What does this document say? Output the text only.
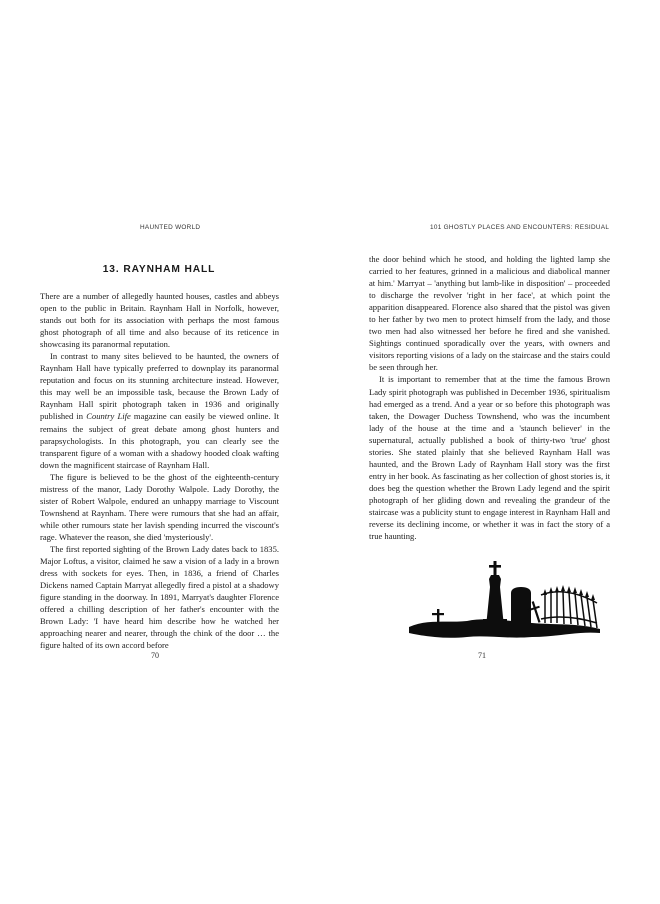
HAUNTED WORLD
13. RAYNHAM HALL

There are a number of allegedly haunted houses, castles and abbeys open to the public in Britain. Raynham Hall in Norfolk, however, stands out both for its association with perhaps the most famous ghost photograph of all time and also because of its reticence in showcasing its paranormal reputation.

In contrast to many sites believed to be haunted, the owners of Raynham Hall have typically preferred to downplay its paranormal reputation and focus on its stunning architecture instead. However, this may well be an impossible task, because the Brown Lady of Raynham Hall spirit photograph taken in 1936 and originally published in Country Life magazine can easily be viewed online. It remains the subject of great debate among ghost hunters and parapsychologists. In this photograph, you can clearly see the transparent figure of a woman with a shadowy hooded cloak wafting down the magnificent staircase of Raynham Hall.

The figure is believed to be the ghost of the eighteenth-century mistress of the manor, Lady Dorothy Walpole. Lady Dorothy, the sister of Robert Walpole, endured an unhappy marriage to Viscount Townshend at Raynham. There were rumours that she had an affair, while other rumours state her lavish spending incurred the viscount's rage. Whatever the reason, she died 'mysteriously'.

The first reported sighting of the Brown Lady dates back to 1835. Major Loftus, a visitor, claimed he saw a vision of a lady in a brown dress with sockets for eyes. Then, in 1836, a friend of Charles Dickens named Captain Marryat allegedly fired a pistol at a shadowy figure standing in the doorway. In 1891, Marryat's daughter Florence offered a chilling description of her father's encounter with the Brown Lady: 'I have heard him describe how he watched her approaching nearer and nearer, through the chink of the door … the figure halted of its own accord before

70
101 GHOSTLY PLACES AND ENCOUNTERS: RESIDUAL

the door behind which he stood, and holding the lighted lamp she carried to her features, grinned in a malicious and diabolical manner at him.' Marryat – 'anything but lamb-like in disposition' – proceeded to discharge the revolver 'right in her face', at which point the apparition disappeared. Florence also shared that the pistol was given to her father by two men to protect himself from the lady, and those two men had also witnessed her before he fired and she vanished. Sightings continued sporadically over the years, with owners and visitors reporting visions of a lady on the staircase and the stairs could be seen through her.

It is important to remember that at the time the famous Brown Lady spirit photograph was published in December 1936, spiritualism had emerged as a trend. And a year or so before this photograph was taken, the Dowager Duchess Townshend, who was the incumbent lady of the house at the time and a 'staunch believer' in the supernatural, actually published a book of thirty-two 'true' ghost stories. She stated plainly that she believed Raynham Hall was haunted, and the Brown Lady of Raynham Hall story was the first entry in her book. As fascinating as her collection of ghost stories is, it does beg the question whether the Brown Lady legend and the spirit photograph of her gliding down and revealing the grandeur of the staircase was a publicity stunt to engage interest in Raynham Hall and reverse its declining income, or whether it was in fact the story of a true haunting.

71
